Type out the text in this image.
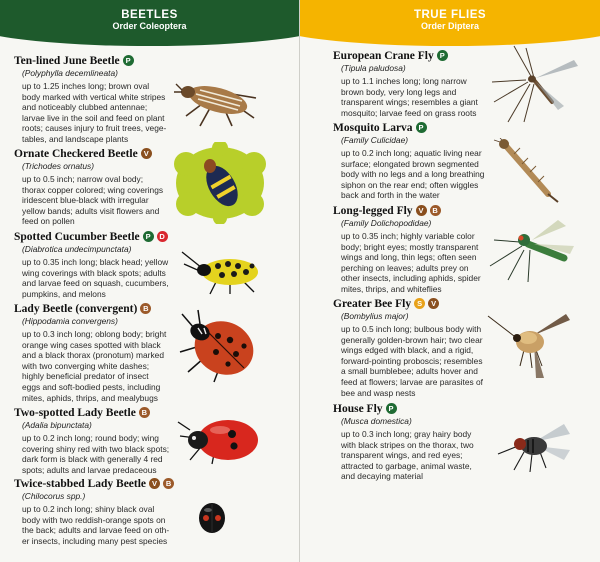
BEETLES
Order Coleoptera
Ten-lined June Beetle P
(Polyphylla decemlineata)
up to 1.25 inches long; brown oval
body marked with vertical white stripes
and noticeably clubbed antennae;
larvae live in the soil and feed on plant
roots; causes injury to fruit trees, vege-
tables, and landscape plants
Ornate Checkered Beetle V
(Trichodes ornatus)
up to 0.5 inch; narrow oval body;
thorax copper colored; wing coverings
iridescent blue-black with irregular
yellow bands; adults visit flowers and
feed on pollen
Spotted Cucumber Beetle P D
(Diabrotica undecimpunctata)
up to 0.35 inch long; black head; yellow
wing coverings with black spots; adults
and larvae feed on squash, cucumbers,
pumpkins, and melons
Lady Beetle (convergent) B
(Hippodamia convergens)
up to 0.3 inch long; oblong body; bright
orange wing cases spotted with black
and a black thorax (pronotum) marked
with two converging white dashes;
highly beneficial predator of insect
eggs and soft-bodied pests, including
mites, aphids, thrips, and mealybugs
Two-spotted Lady Beetle B
(Adalia bipunctata)
up to 0.2 inch long; round body; wing
covering shiny red with two black spots;
dark form is black with generally 4 red
spots; adults and larvae predaceous
Twice-stabbed Lady Beetle V B
(Chilocorus spp.)
up to 0.2 inch long; shiny black oval
body with two reddish-orange spots on
the back; adults and larvae feed on oth-
er insects, including many pest species
TRUE FLIES
Order Diptera
European Crane Fly P
(Tipula paludosa)
up to 1.1 inches long; long narrow
brown body, very long legs and
transparent wings; resembles a giant
mosquito; larvae feed on grass roots
Mosquito Larva P
(Family Culicidae)
up to 0.2 inch long; aquatic living near
surface; elongated brown segmented
body with no legs and a long breathing
siphon on the rear end; often wiggles
back and forth in the water
Long-legged Fly V B
(Family Dolichopodidae)
up to 0.35 inch; highly variable color
body; bright eyes; mostly transparent
wings and long, thin legs; often seen
perching on leaves; adults prey on
other insects, including aphids, spider
mites, thrips, and whiteflies
Greater Bee Fly S V
(Bombylius major)
up to 0.5 inch long; bulbous body with
generally golden-brown hair; two clear
wings edged with black, and a rigid,
forward-pointing proboscis; resembles
a small bumblebee; adults hover and
feed at flowers; larvae are parasites of
bee and wasp nests
House Fly P
(Musca domestica)
up to 0.3 inch long; gray hairy body
with black stripes on the thorax, two
transparent wings, and red eyes;
attracted to garbage, animal waste,
and decaying material
